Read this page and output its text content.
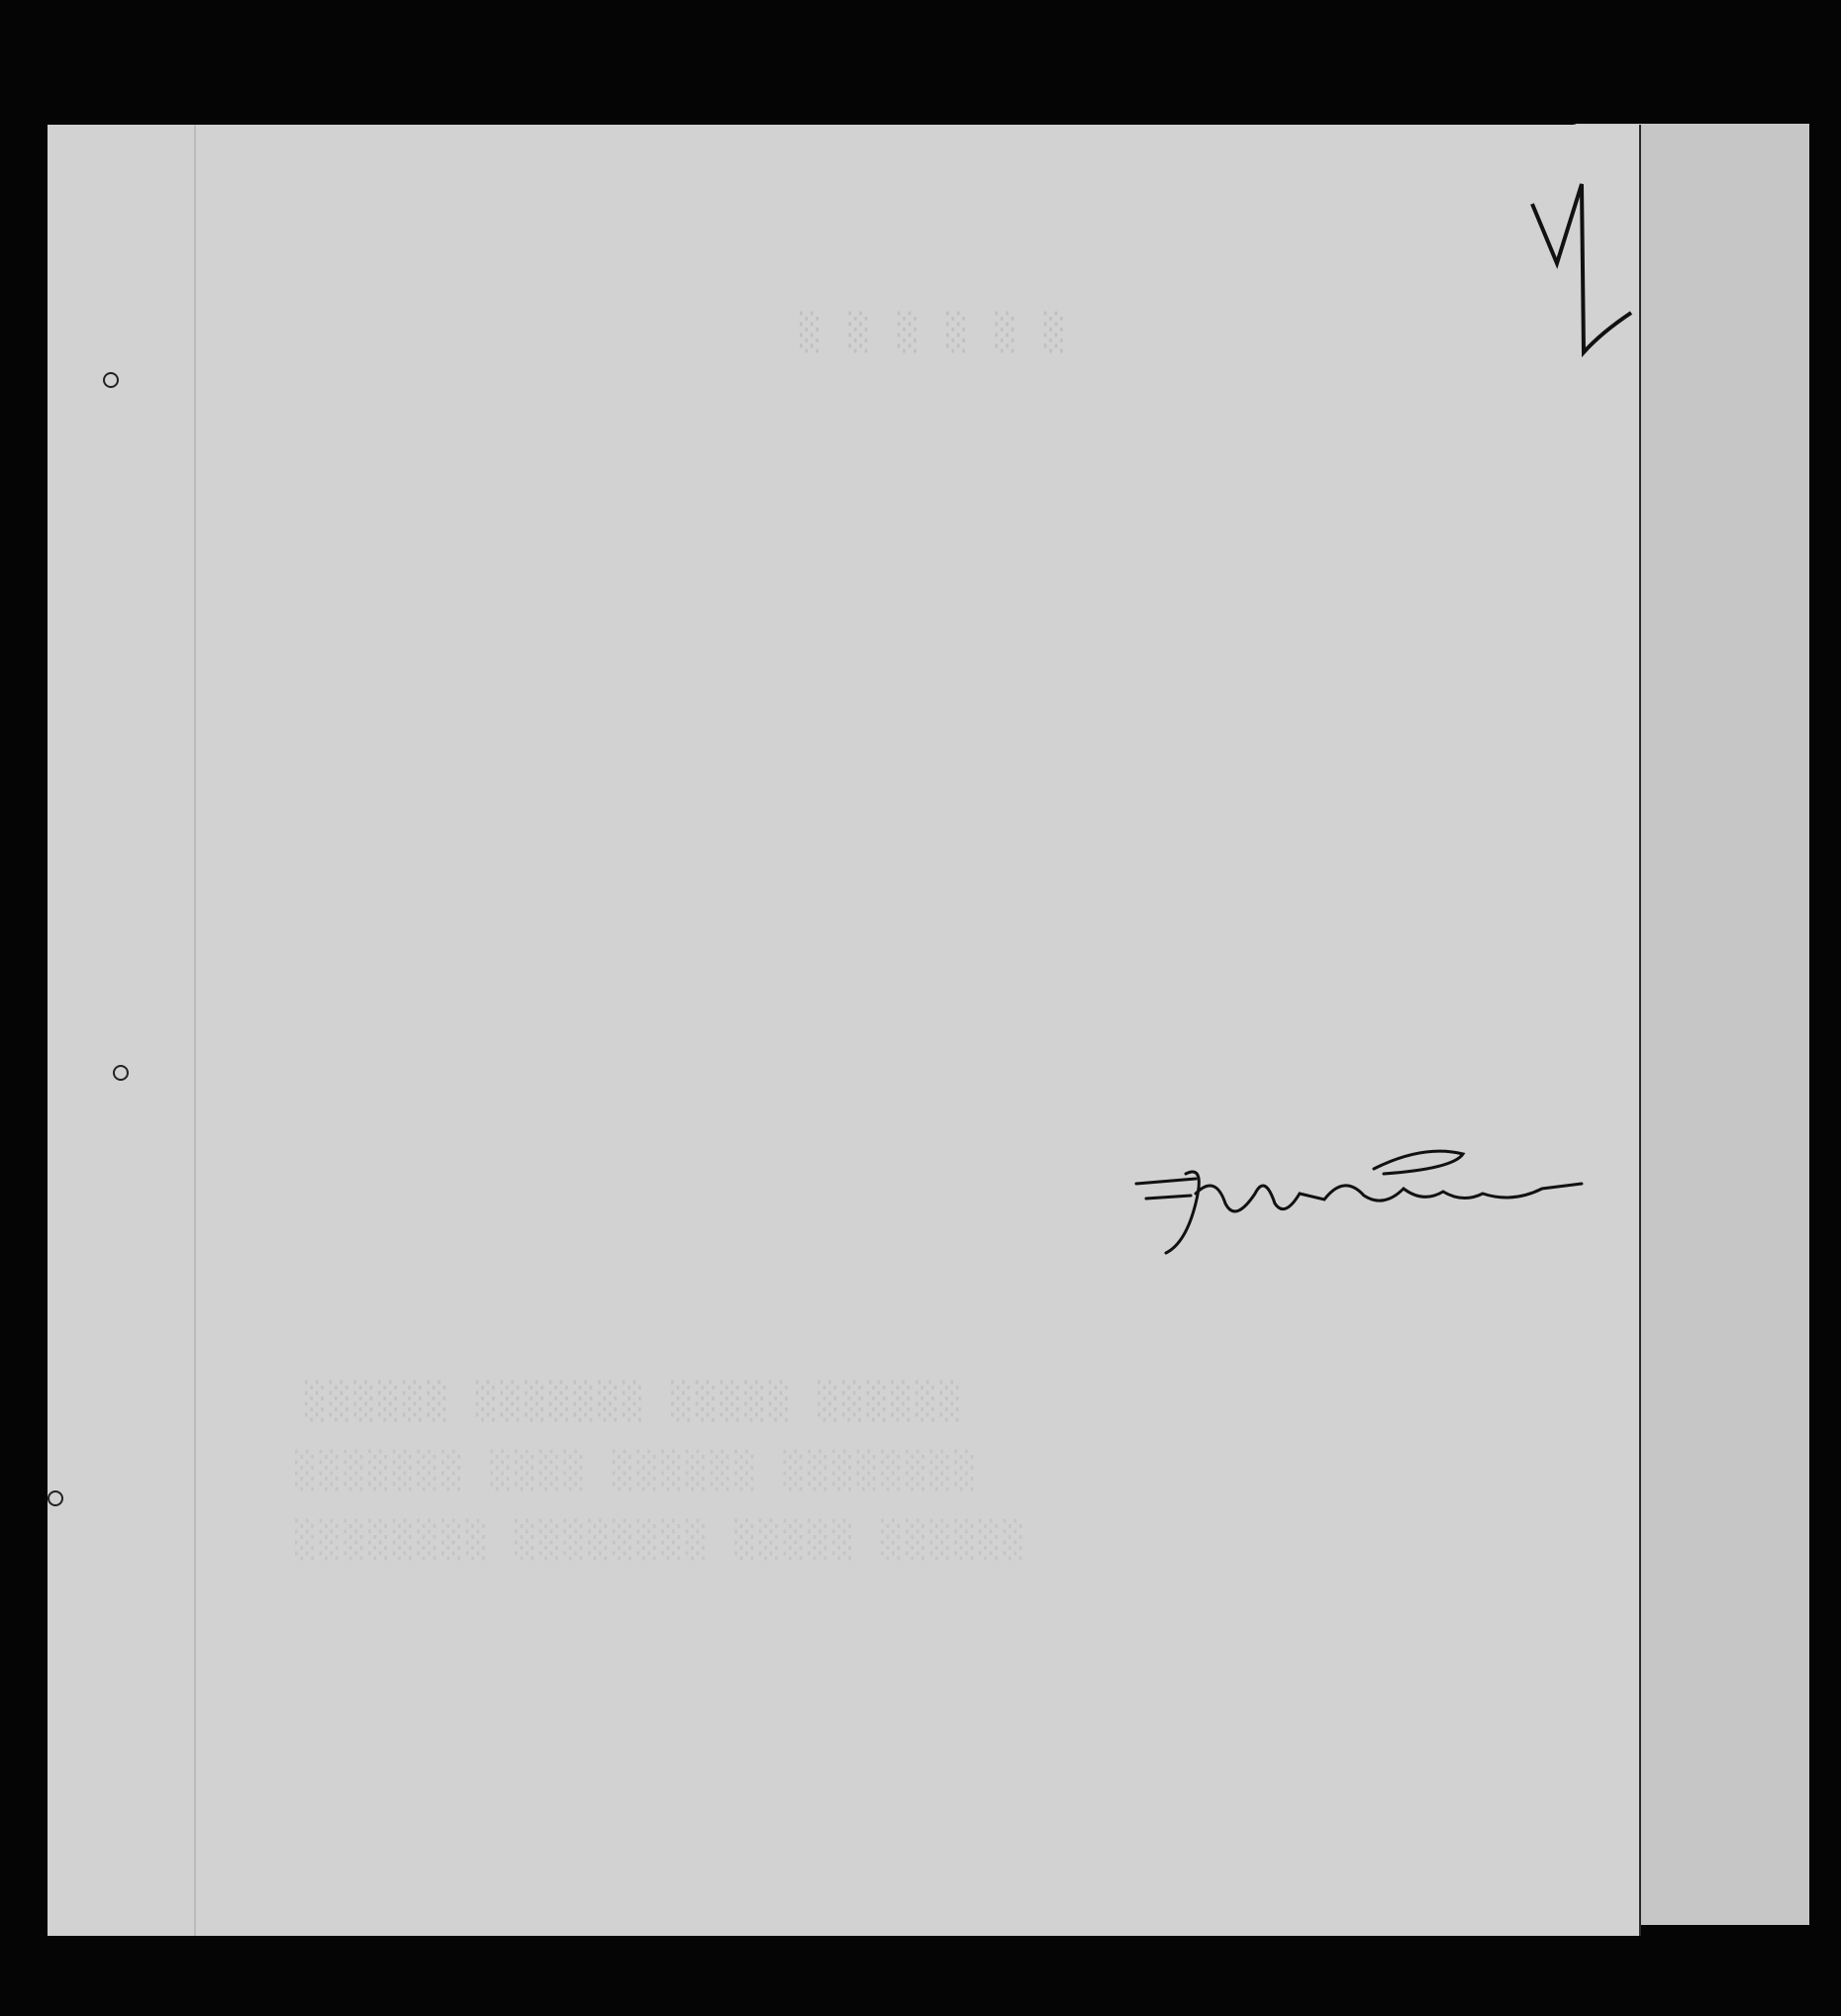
░ ░ ░ ░ ░ ░
░░░░░░ ░░░░░░░ ░░░░░ ░░░░░░
░░░░░░░ ░░░░ ░░░░░░ ░░░░░░░░
░░░░░░░░ ░░░░░░░░ ░░░░░ ░░░░░░
